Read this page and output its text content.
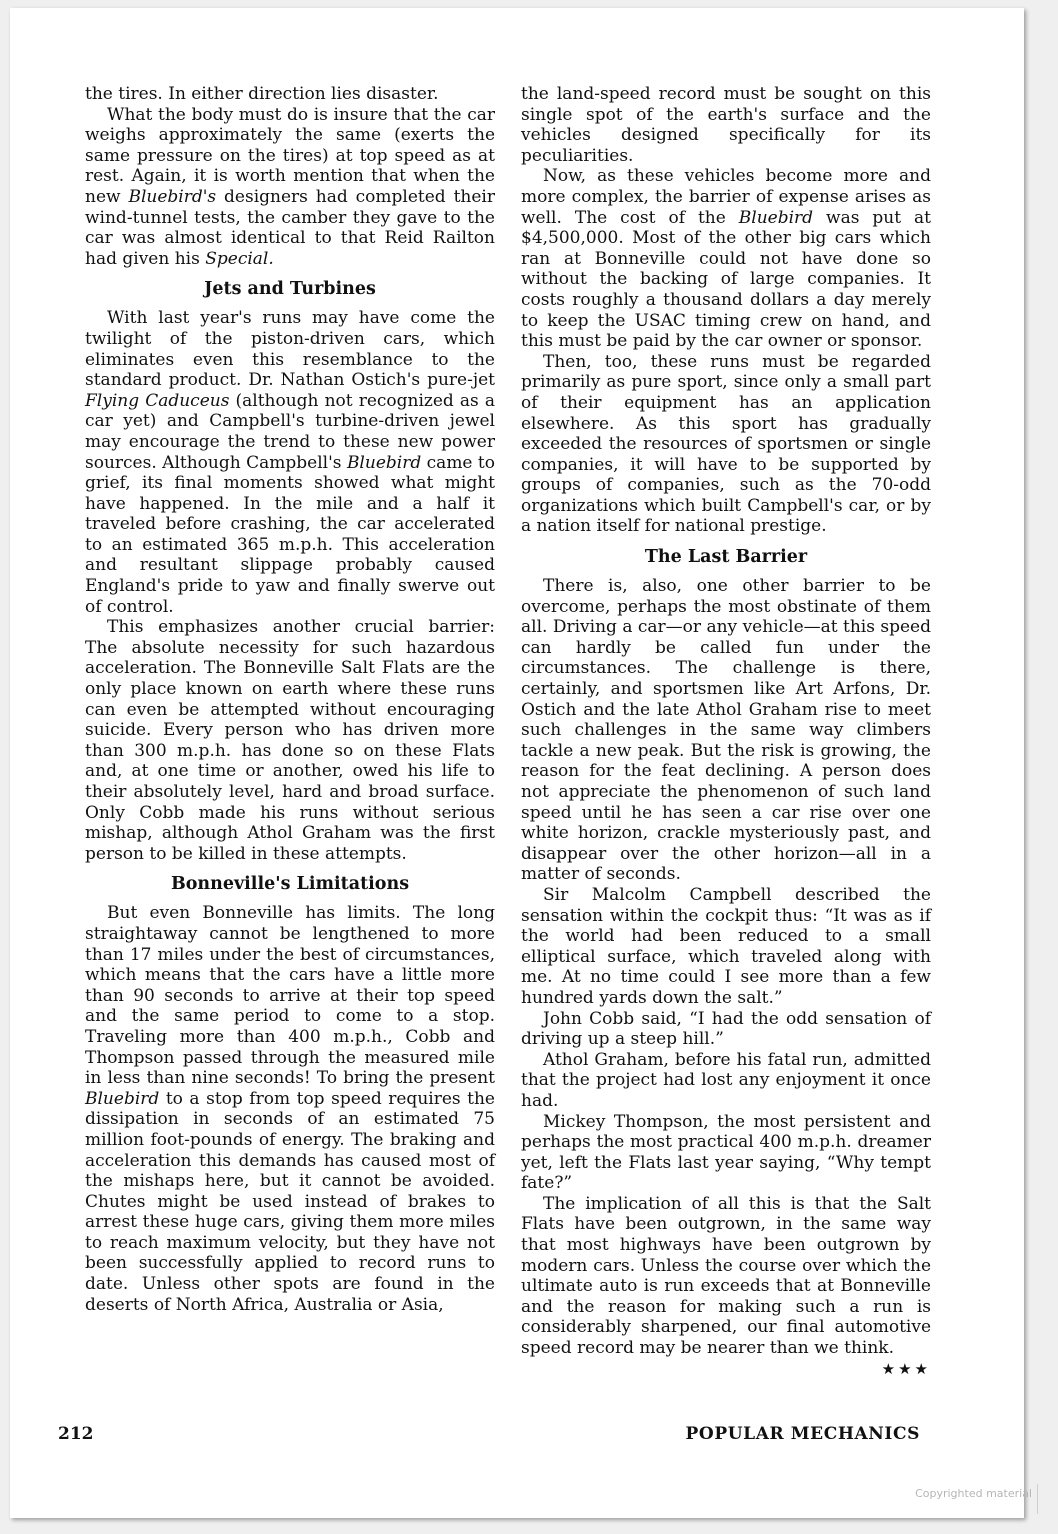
the tires. In either direction lies disaster.

What the body must do is insure that the car weighs approximately the same (exerts the same pressure on the tires) at top speed as at rest. Again, it is worth mention that when the new Bluebird's designers had completed their wind-tunnel tests, the camber they gave to the car was almost identical to that Reid Railton had given his Special.

Jets and Turbines

With last year's runs may have come the twilight of the piston-driven cars, which eliminates even this resemblance to the standard product. Dr. Nathan Ostich's pure-jet Flying Caduceus (although not recognized as a car yet) and Campbell's turbine-driven jewel may encourage the trend to these new power sources. Although Campbell's Bluebird came to grief, its final moments showed what might have happened. In the mile and a half it traveled before crashing, the car accelerated to an estimated 365 m.p.h. This acceleration and resultant slippage probably caused England's pride to yaw and finally swerve out of control.

This emphasizes another crucial barrier: The absolute necessity for such hazardous acceleration. The Bonneville Salt Flats are the only place known on earth where these runs can even be attempted without encouraging suicide. Every person who has driven more than 300 m.p.h. has done so on these Flats and, at one time or another, owed his life to their absolutely level, hard and broad surface. Only Cobb made his runs without serious mishap, although Athol Graham was the first person to be killed in these attempts.

Bonneville's Limitations

But even Bonneville has limits. The long straightaway cannot be lengthened to more than 17 miles under the best of circumstances, which means that the cars have a little more than 90 seconds to arrive at their top speed and the same period to come to a stop. Traveling more than 400 m.p.h., Cobb and Thompson passed through the measured mile in less than nine seconds! To bring the present Bluebird to a stop from top speed requires the dissipation in seconds of an estimated 75 million foot-pounds of energy. The braking and acceleration this demands has caused most of the mishaps here, but it cannot be avoided. Chutes might be used instead of brakes to arrest these huge cars, giving them more miles to reach maximum velocity, but they have not been successfully applied to record runs to date. Unless other spots are found in the deserts of North Africa, Australia or Asia,

the land-speed record must be sought on this single spot of the earth's surface and the vehicles designed specifically for its peculiarities.

Now, as these vehicles become more and more complex, the barrier of expense arises as well. The cost of the Bluebird was put at $4,500,000. Most of the other big cars which ran at Bonneville could not have done so without the backing of large companies. It costs roughly a thousand dollars a day merely to keep the USAC timing crew on hand, and this must be paid by the car owner or sponsor.

Then, too, these runs must be regarded primarily as pure sport, since only a small part of their equipment has an application elsewhere. As this sport has gradually exceeded the resources of sportsmen or single companies, it will have to be supported by groups of companies, such as the 70-odd organizations which built Campbell's car, or by a nation itself for national prestige.

The Last Barrier

There is, also, one other barrier to be overcome, perhaps the most obstinate of them all. Driving a car—or any vehicle—at this speed can hardly be called fun under the circumstances. The challenge is there, certainly, and sportsmen like Art Arfons, Dr. Ostich and the late Athol Graham rise to meet such challenges in the same way climbers tackle a new peak. But the risk is growing, the reason for the feat declining. A person does not appreciate the phenomenon of such land speed until he has seen a car rise over one white horizon, crackle mysteriously past, and disappear over the other horizon—all in a matter of seconds.

Sir Malcolm Campbell described the sensation within the cockpit thus: “It was as if the world had been reduced to a small elliptical surface, which traveled along with me. At no time could I see more than a few hundred yards down the salt.”

John Cobb said, “I had the odd sensation of driving up a steep hill.”

Athol Graham, before his fatal run, admitted that the project had lost any enjoyment it once had.

Mickey Thompson, the most persistent and perhaps the most practical 400 m.p.h. dreamer yet, left the Flats last year saying, “Why tempt fate?”

The implication of all this is that the Salt Flats have been outgrown, in the same way that most highways have been outgrown by modern cars. Unless the course over which the ultimate auto is run exceeds that at Bonneville and the reason for making such a run is considerably sharpened, our final automotive speed record may be nearer than we think.
★★★

212	POPULAR MECHANICS
Copyrighted material
